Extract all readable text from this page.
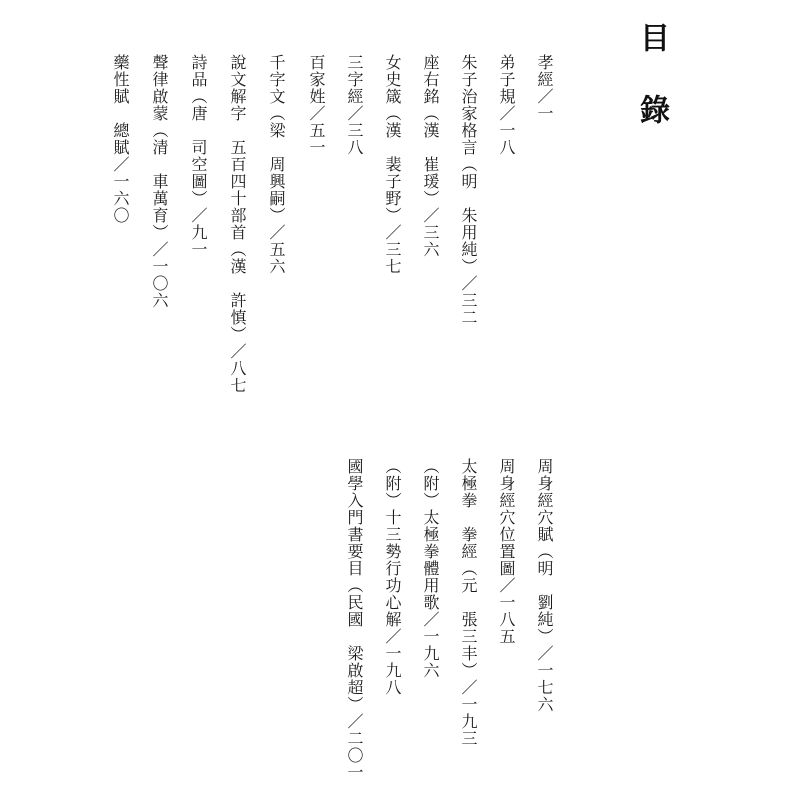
目
錄
孝經／一
弟子規／一八
朱子治家格言（明　朱用純）／三二
座右銘（漢　崔瑗）／三六
女史箴（漢　裴子野）／三七
三字經／三八
百家姓／五一
千字文（梁　周興嗣）／五六
說文解字　五百四十部首（漢　許慎）／八七
詩品（唐　司空圖）／九一
聲律啟蒙（清　車萬育）／一〇六
藥性賦　總賦／一六〇
周身經穴賦（明　劉純）／一七六
周身經穴位置圖／一八五
太極拳　拳經（元　張三丰）／一九三
（附）太極拳體用歌／一九六
（附）十三勢行功心解／一九八
國學入門書要目（民國　梁啟超）／二〇一
